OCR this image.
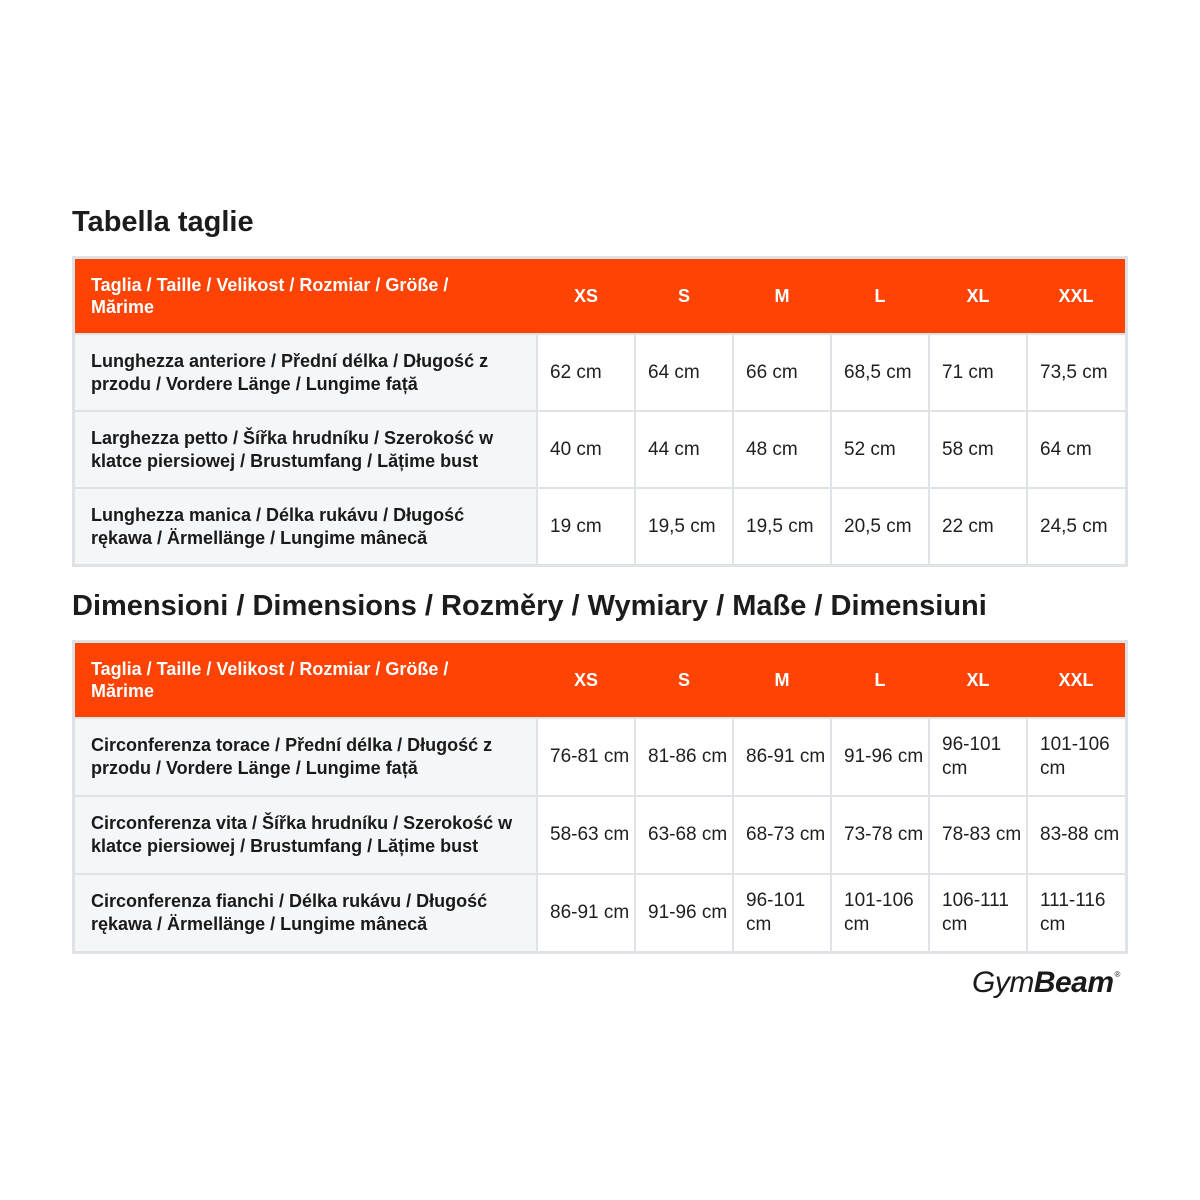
Tabella taglie
Taglia / Taille / Velikost / Rozmiar / Größe / Mărime	XS	S	M	L	XL	XXL
Lunghezza anteriore / Přední délka / Długość z przodu / Vordere Länge / Lungime față	62 cm	64 cm	66 cm	68,5 cm	71 cm	73,5 cm
Larghezza petto / Šířka hrudníku / Szerokość w klatce piersiowej / Brustumfang / Lățime bust	40 cm	44 cm	48 cm	52 cm	58 cm	64 cm
Lunghezza manica / Délka rukávu / Długość rękawa / Ärmellänge / Lungime mânecă	19 cm	19,5 cm	19,5 cm	20,5 cm	22 cm	24,5 cm
Dimensioni / Dimensions / Rozměry / Wymiary / Maße / Dimensiuni
Taglia / Taille / Velikost / Rozmiar / Größe / Mărime	XS	S	M	L	XL	XXL
Circonferenza torace / Přední délka / Długość z przodu / Vordere Länge / Lungime față	76-81 cm	81-86 cm	86-91 cm	91-96 cm	96-101 cm	101-106 cm
Circonferenza vita / Šířka hrudníku / Szerokość w klatce piersiowej / Brustumfang / Lățime bust	58-63 cm	63-68 cm	68-73 cm	73-78 cm	78-83 cm	83-88 cm
Circonferenza fianchi / Délka rukávu / Długość rękawa / Ärmellänge / Lungime mânecă	86-91 cm	91-96 cm	96-101 cm	101-106 cm	106-111 cm	111-116 cm
GymBeam®
